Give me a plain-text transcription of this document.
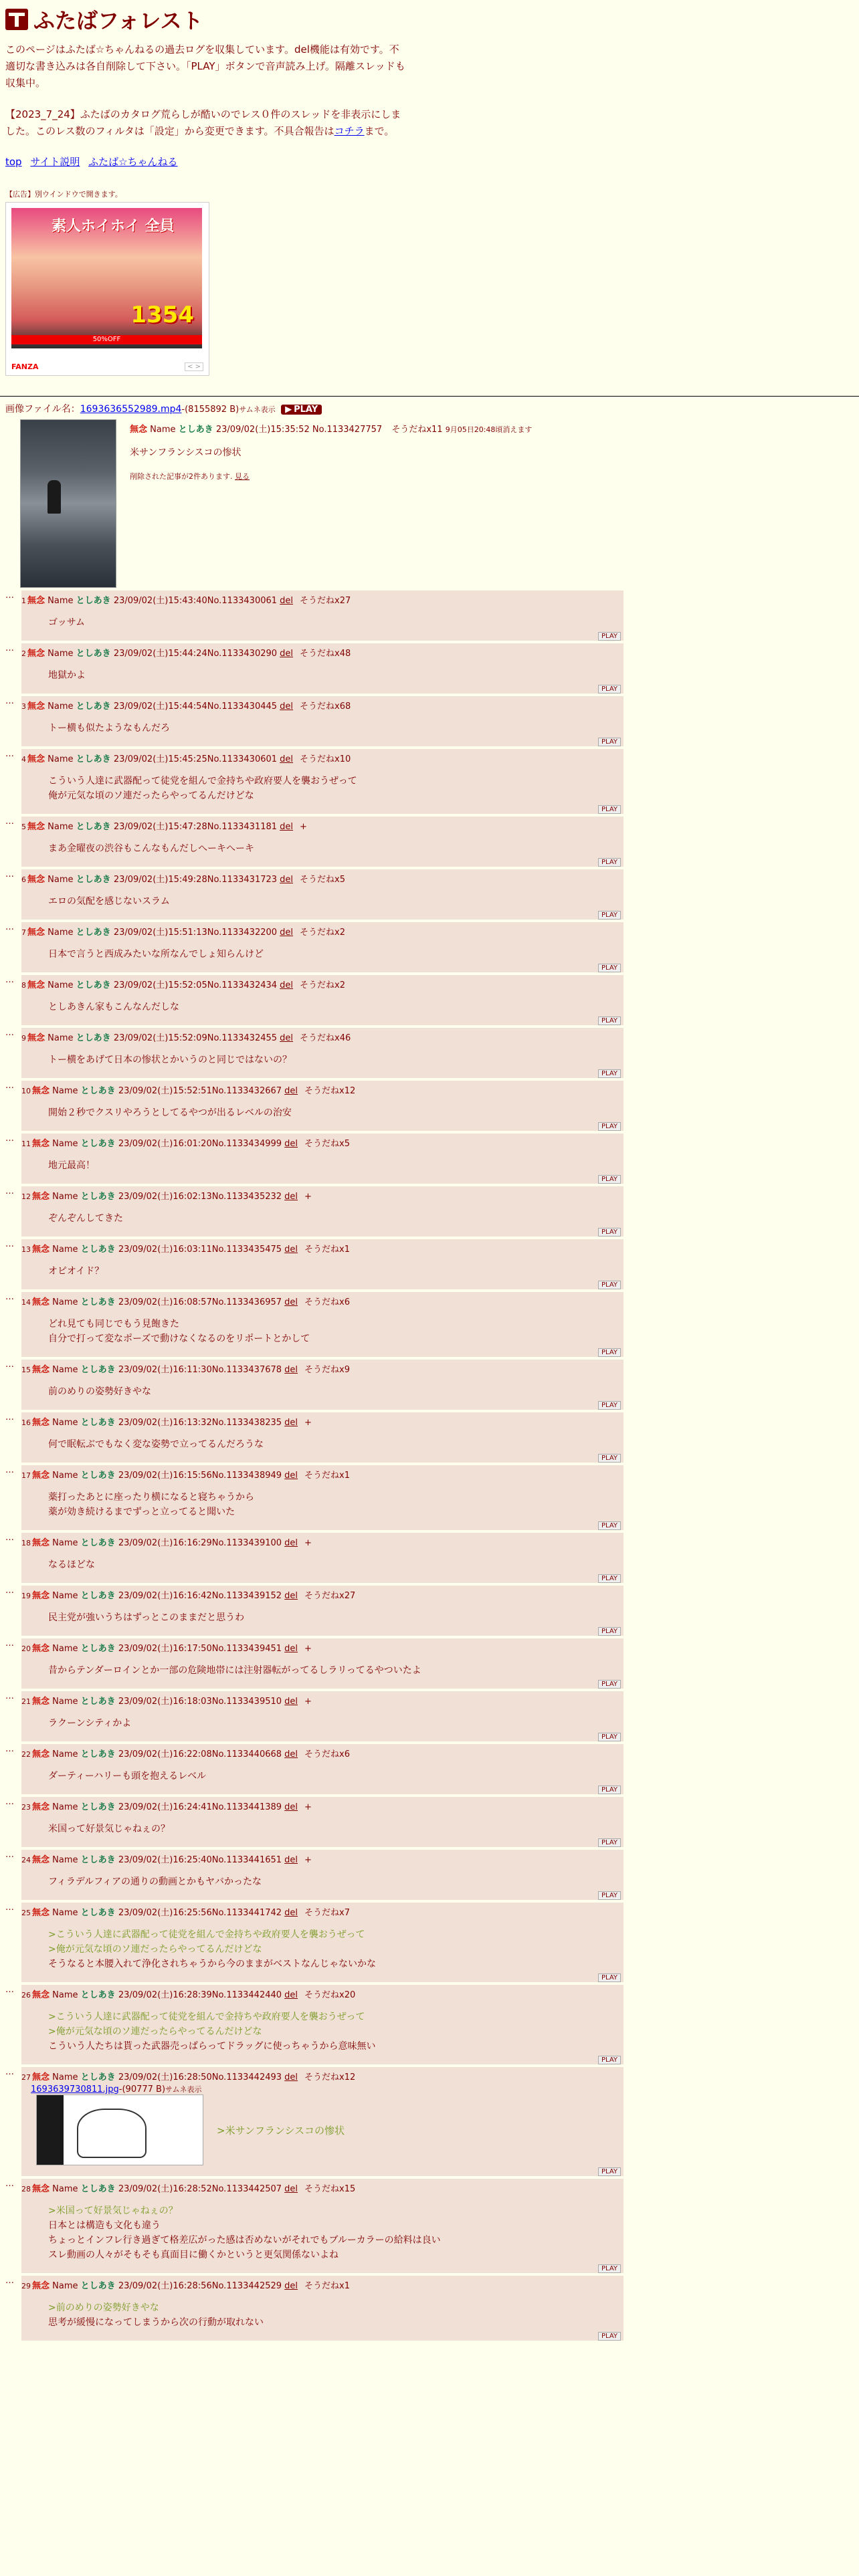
ふたばフォレスト
このページはふたば☆ちゃんねるの過去ログを収集しています。del機能は有効です。不適切な書き込みは各自削除して下さい。「PLAY」ボタンで音声読み上げ。隔離スレッドも収集中。
【2023_7_24】ふたばのカタログ荒らしが酷いのでレス０件のスレッドを非表示にしました。このレス数のフィルタは「設定」から変更できます。不具合報告はコチラまで。
top サイト説明 ふたば☆ちゃんねる
【広告】別ウインドウで開きます。
素人ホイホイ 全員
1354
50%OFF
FANZA	< >
画像ファイル名：1693636552989.mp4-(8155892 B)サムネ表示 ▶ PLAY
無念 Name としあき 23/09/02(土)15:35:52 No.1133427757 そうだねx11 9月05日20:48頃消えます
米サンフランシスコの惨状
削除された記事が2件あります. 見る
…
1 無念 Name としあき 23/09/02(土)15:43:40No.1133430061 del そうだねx27
ゴッサム
PLAY
…
2 無念 Name としあき 23/09/02(土)15:44:24No.1133430290 del そうだねx48
地獄かよ
PLAY
…
3 無念 Name としあき 23/09/02(土)15:44:54No.1133430445 del そうだねx68
トー横も似たようなもんだろ
PLAY
…
4 無念 Name としあき 23/09/02(土)15:45:25No.1133430601 del そうだねx10
こういう人達に武器配って徒党を組んで金持ちや政府要人を襲おうぜって
俺が元気な頃のソ連だったらやってるんだけどな
PLAY
…
5 無念 Name としあき 23/09/02(土)15:47:28No.1133431181 del +
まあ金曜夜の渋谷もこんなもんだしへーキへーキ
PLAY
…
6 無念 Name としあき 23/09/02(土)15:49:28No.1133431723 del そうだねx5
エロの気配を感じないスラム
PLAY
…
7 無念 Name としあき 23/09/02(土)15:51:13No.1133432200 del そうだねx2
日本で言うと西成みたいな所なんでしょ知らんけど
PLAY
…
8 無念 Name としあき 23/09/02(土)15:52:05No.1133432434 del そうだねx2
としあきん家もこんなんだしな
PLAY
…
9 無念 Name としあき 23/09/02(土)15:52:09No.1133432455 del そうだねx46
トー横をあげて日本の惨状とかいうのと同じではないの？
PLAY
…
10 無念 Name としあき 23/09/02(土)15:52:51No.1133432667 del そうだねx12
開始２秒でクスリやろうとしてるやつが出るレベルの治安
PLAY
…
11 無念 Name としあき 23/09/02(土)16:01:20No.1133434999 del そうだねx5
地元最高！
PLAY
…
12 無念 Name としあき 23/09/02(土)16:02:13No.1133435232 del +
ぞんぞんしてきた
PLAY
…
13 無念 Name としあき 23/09/02(土)16:03:11No.1133435475 del そうだねx1
オピオイド？
PLAY
…
14 無念 Name としあき 23/09/02(土)16:08:57No.1133436957 del そうだねx6
どれ見ても同じでもう見飽きた
自分で打って変なポーズで動けなくなるのをリポートとかして
PLAY
…
15 無念 Name としあき 23/09/02(土)16:11:30No.1133437678 del そうだねx9
前のめりの姿勢好きやな
PLAY
…
16 無念 Name としあき 23/09/02(土)16:13:32No.1133438235 del +
何で眠転ぶでもなく変な姿勢で立ってるんだろうな
PLAY
…
17 無念 Name としあき 23/09/02(土)16:15:56No.1133438949 del そうだねx1
薬打ったあとに座ったり横になると寝ちゃうから
薬が効き続けるまでずっと立ってると聞いた
PLAY
…
18 無念 Name としあき 23/09/02(土)16:16:29No.1133439100 del +
なるほどな
PLAY
…
19 無念 Name としあき 23/09/02(土)16:16:42No.1133439152 del そうだねx27
民主党が強いうちはずっとこのままだと思うわ
PLAY
…
20 無念 Name としあき 23/09/02(土)16:17:50No.1133439451 del +
昔からテンダーロインとか一部の危険地帯には注射器転がってるしラリってるやついたよ
PLAY
…
21 無念 Name としあき 23/09/02(土)16:18:03No.1133439510 del +
ラクーンシティかよ
PLAY
…
22 無念 Name としあき 23/09/02(土)16:22:08No.1133440668 del そうだねx6
ダーティーハリーも頭を抱えるレベル
PLAY
…
23 無念 Name としあき 23/09/02(土)16:24:41No.1133441389 del +
米国って好景気じゃねぇの？
PLAY
…
24 無念 Name としあき 23/09/02(土)16:25:40No.1133441651 del +
フィラデルフィアの通りの動画とかもヤバかったな
PLAY
…
25 無念 Name としあき 23/09/02(土)16:25:56No.1133441742 del そうだねx7
>こういう人達に武器配って徒党を組んで金持ちや政府要人を襲おうぜって
>俺が元気な頃のソ連だったらやってるんだけどな
そうなると本腰入れて浄化されちゃうから今のままがベストなんじゃないかな
PLAY
…
26 無念 Name としあき 23/09/02(土)16:28:39No.1133442440 del そうだねx20
>こういう人達に武器配って徒党を組んで金持ちや政府要人を襲おうぜって
>俺が元気な頃のソ連だったらやってるんだけどな
こういう人たちは貰った武器売っぱらってドラッグに使っちゃうから意味無い
PLAY
…
27 無念 Name としあき 23/09/02(土)16:28:50No.1133442493 del そうだねx12
1693639730811.jpg-(90777 B)サムネ表示
>米サンフランシスコの惨状
PLAY
…
28 無念 Name としあき 23/09/02(土)16:28:52No.1133442507 del そうだねx15
>米国って好景気じゃねぇの？
日本とは構造も文化も違う
ちょっとインフレ行き過ぎて格差広がった感は否めないがそれでもブルーカラーの給料は良い
スレ動画の人々がそもそも真面目に働くかというと更気関係ないよね
PLAY
…
29 無念 Name としあき 23/09/02(土)16:28:56No.1133442529 del そうだねx1
>前のめりの姿勢好きやな
思考が緩慢になってしまうから次の行動が取れない
PLAY
